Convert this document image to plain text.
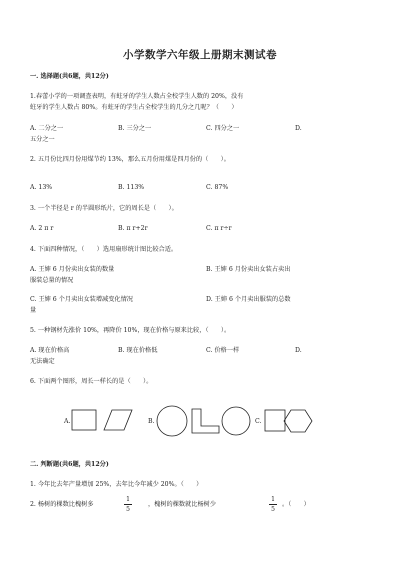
小学数学六年级上册期末测试卷
一. 选择题(共6题，共12分)
1.春蕾小学的一项调查表明，有蛀牙的学生人数占全校学生人数的 20%，没有
蛀牙的学生人数占 80%。有蛀牙的学生占全校学生的几分之几呢？（　　）
A. 二分之一	B. 三分之一	C. 四分之一	D.
五分之一
2. 五月份比四月份用煤节约 13%，那么五月份用煤是四月份的（　　）。
A. 13%	B. 113%	C. 87%
3. 一个半径是 r 的半圆形纸片，它的周长是（　　）。
A. 2 π r	B. π r+2r	C. π r÷r
4. 下面四种情况，（　　）选用扇形统计图比较合适。
A. 王婶 6 月份卖出女装的数量	B. 王婶 6 月份卖出女装占卖出
服装总量的情况
C. 王婶 6 个月卖出女装增减变化情况	D. 王婶 6 个月卖出服装的总数
量
5. 一种钢材先涨价 10%，再降价 10%，现在价格与原来比较，（　　）。
A. 现在价格高	B. 现在价格低	C. 价格一样	D.
无法确定
6. 下面两个图形，周长一样长的是（　　）。
A.	B.	C.
二. 判断题(共6题，共12分)
1. 今年比去年产量增加 25%，去年比今年减少 20%。（　　）
2. 杨树的棵数比槐树多
1
5
，槐树的棵数就比杨树少
1
5
。（　　）
